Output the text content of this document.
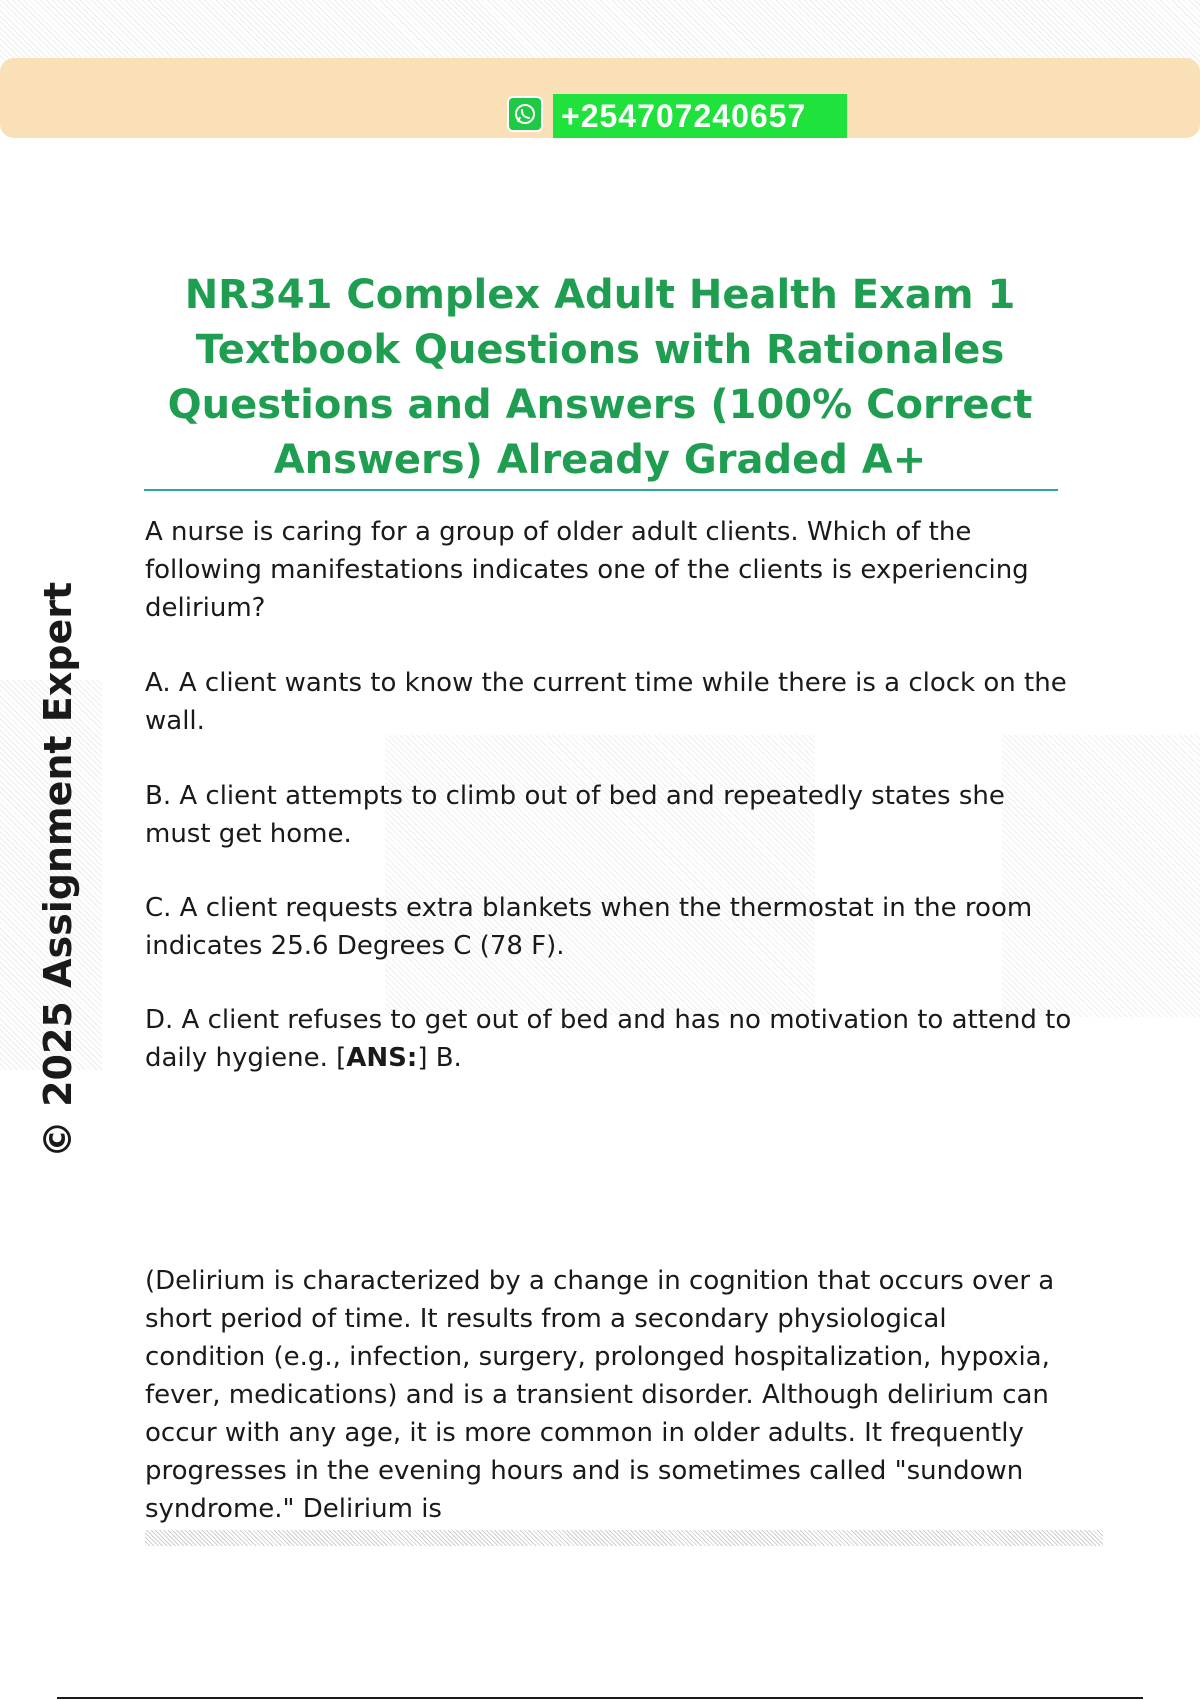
+254707240657
© 2025 Assignment Expert
NR341 Complex Adult Health Exam 1
Textbook Questions with Rationales
Questions and Answers (100% Correct
Answers) Already Graded A+

A nurse is caring for a group of older adult clients. Which of the following manifestations indicates one of the clients is experiencing delirium?

A. A client wants to know the current time while there is a clock on the wall.

B. A client attempts to climb out of bed and repeatedly states she must get home.

C. A client requests extra blankets when the thermostat in the room indicates 25.6 Degrees C (78 F).

D. A client refuses to get out of bed and has no motivation to attend to daily hygiene. [ANS:] B.

(Delirium is characterized by a change in cognition that occurs over a short period of time. It results from a secondary physiological condition (e.g., infection, surgery, prolonged hospitalization, hypoxia, fever, medications) and is a transient disorder. Although delirium can occur with any age, it is more common in older adults. It frequently progresses in the evening hours and is sometimes called "sundown syndrome." Delirium is
